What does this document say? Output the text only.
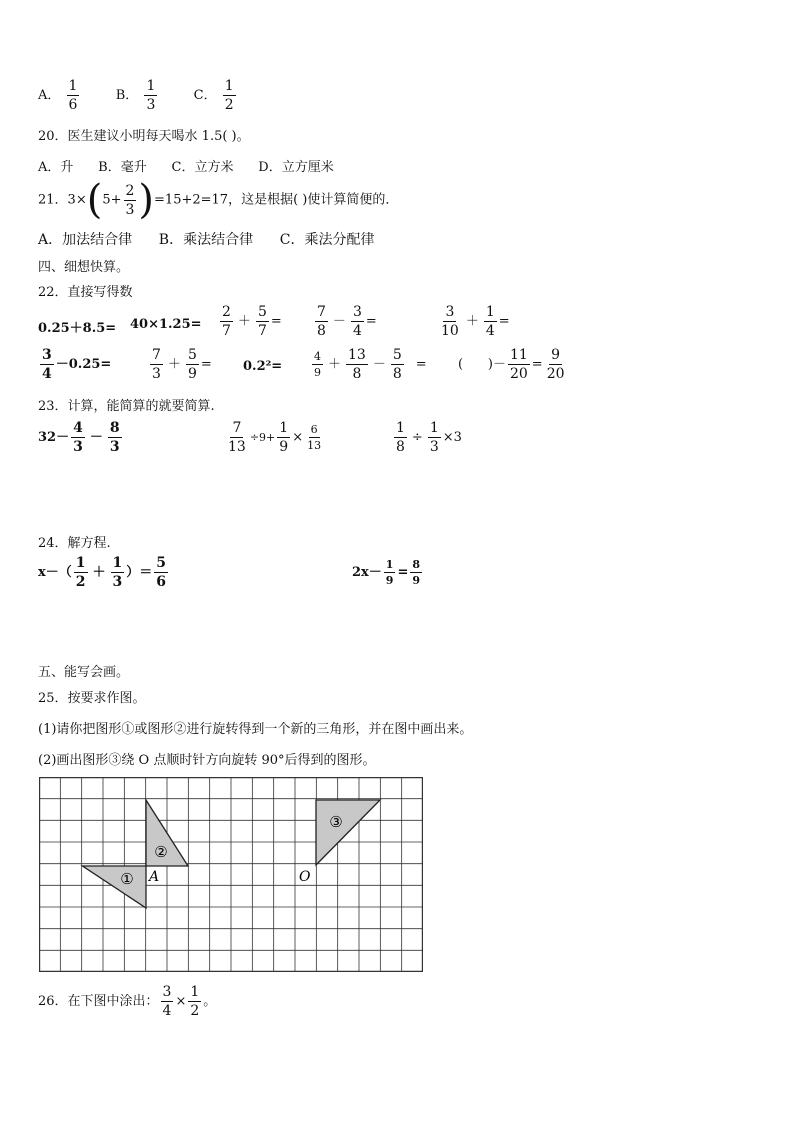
A． $\frac{1}{6}$	B． $\frac{1}{3}$	C． $\frac{1}{2}$
20．医生建议小明每天喝水 1.5( )。
A．升      B．毫升      C．立方米      D．立方厘米
21．$3\times(5+ \frac{2}{3} )=15+2=17$，这是根据( )使计算简便的．
A．加法结合律      B．乘法结合律      C．乘法分配律
四、细想快算。
22．直接写得数
$0.25+8.5= 40\times 1.25= \frac{2}{7} + \frac{5}{7} = \frac{7}{8} - \frac{3}{4}$ =	$\frac{3}{10} + \frac{1}{4}$ =
$\frac{3}{4} -0.25=$	$\frac{7}{3} + \frac{5}{9} = 0.2^2=$	$\frac{4}{9} + \frac{13}{8} - \frac{5}{8}$ = (      )－ $\frac{11}{20} = \frac{9}{20}$
23．计算，能简算的就要简算.
$32- \frac{4}{3} - \frac{8}{3}$	$\frac{7}{13} \div 9+ \frac{1}{9} \times \frac{6}{13}$	$\frac{1}{8} \div \frac{1}{3} \times 3$
24．解方程.
$x-( \frac{1}{2} + \frac{1}{3}$ ）＝ $\frac{5}{6}$	$2x- \frac{1}{9} = \frac{8}{9}$
五、能写会画。
25．按要求作图。
(1)请你把图形①或图形②进行旋转得到一个新的三角形，并在图中画出来。
(2)画出图形③绕 O 点顺时针方向旋转 90°后得到的图形。
①
②
③
A	O
26．在下图中涂出： $\frac{3}{4} \times \frac{1}{2}$ 。
